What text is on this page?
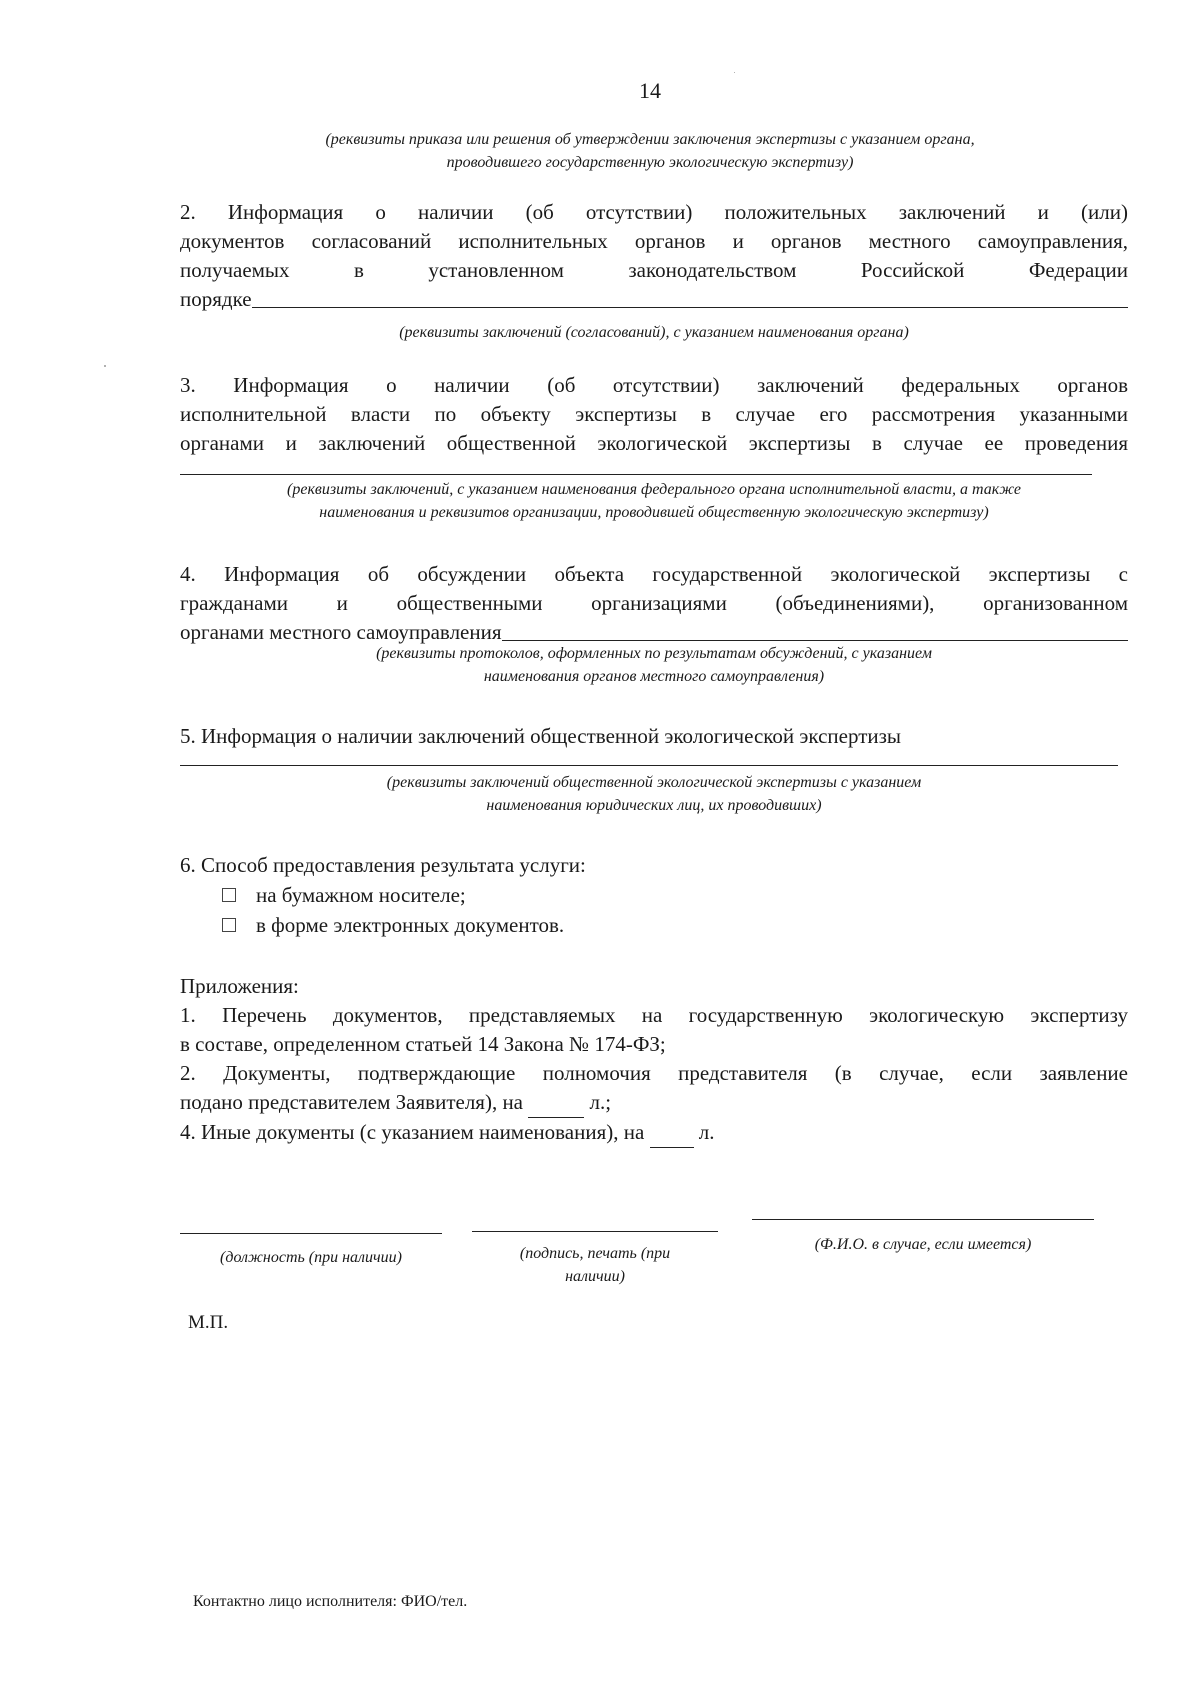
14
(реквизиты приказа или решения об утверждении заключения экспертизы с указанием органа,
проводившего государственную экологическую экспертизу)
2. Информация о наличии (об отсутствии) положительных заключений и (или)
документов согласований исполнительных органов и органов местного самоуправления,
получаемых в установленном законодательством Российской Федерации
порядке
(реквизиты заключений (согласований), с указанием наименования органа)
3. Информация о наличии (об отсутствии) заключений федеральных органов
исполнительной власти по объекту экспертизы в случае его рассмотрения указанными
органами и заключений общественной экологической экспертизы в случае ее проведения
(реквизиты заключений, с указанием наименования федерального органа исполнительной власти, а также
наименования и реквизитов организации, проводившей общественную экологическую экспертизу)
4. Информация об обсуждении объекта государственной экологической экспертизы с
гражданами и общественными организациями (объединениями), организованном
органами местного самоуправления
(реквизиты протоколов, оформленных по результатам обсуждений, с указанием
наименования органов местного самоуправления)
5. Информация о наличии заключений общественной экологической экспертизы
(реквизиты заключений общественной экологической экспертизы с указанием
наименования юридических лиц, их проводивших)
6. Способ предоставления результата услуги:
на бумажном носителе;
в форме электронных документов.
Приложения:
1. Перечень документов, представляемых на государственную экологическую экспертизу
в составе, определенном статьей 14 Закона № 174-ФЗ;
2. Документы, подтверждающие полномочия представителя (в случае, если заявление
подано представителем Заявителя), на	л.;
4. Иные документы (с указанием наименования), на	л.
(должность (при наличии)	(подпись, печать (при
наличии)
(Ф.И.О. в случае, если имеется)
М.П.
Контактно лицо исполнителя: ФИО/тел.
